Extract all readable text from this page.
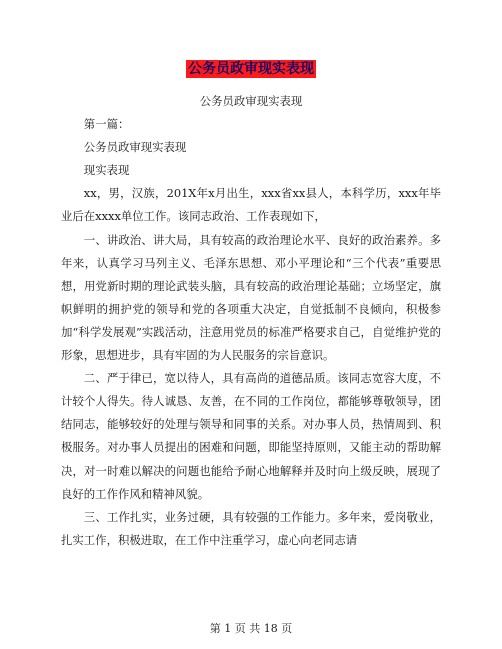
公务员政审现实表现

公务员政审现实表现

第一篇：

公务员政审现实表现

现实表现

xx，男，汉族，201X年x月出生，xxx省xx县人，本科学历，xxx年毕业后在xxxx单位工作。该同志政治、工作表现如下，

一、讲政治、讲大局，具有较高的政治理论水平、良好的政治素养。多年来，认真学习马列主义、毛泽东思想、邓小平理论和“三个代表”重要思想，用党新时期的理论武装头脑，具有较高的政治理论基础；立场坚定，旗帜鲜明的拥护党的领导和党的各项重大决定，自觉抵制不良倾向，积极参加“科学发展观”实践活动，注意用党员的标准严格要求自己，自觉维护党的形象，思想进步，具有牢固的为人民服务的宗旨意识。

二、严于律已，宽以待人，具有高尚的道德品质。该同志宽容大度，不计较个人得失。待人诚恳、友善，在不同的工作岗位，都能够尊敬领导，团结同志，能够较好的处理与领导和同事的关系。对办事人员，热情周到、积极服务。对办事人员提出的困难和问题，即能坚持原则，又能主动的帮助解决，对一时难以解决的问题也能给予耐心地解释并及时向上级反映，展现了良好的工作作风和精神风貌。

三、工作扎实，业务过硬，具有较强的工作能力。多年来，爱岗敬业，扎实工作，积极进取，在工作中注重学习，虚心向老同志请

第 1 页 共 18 页
